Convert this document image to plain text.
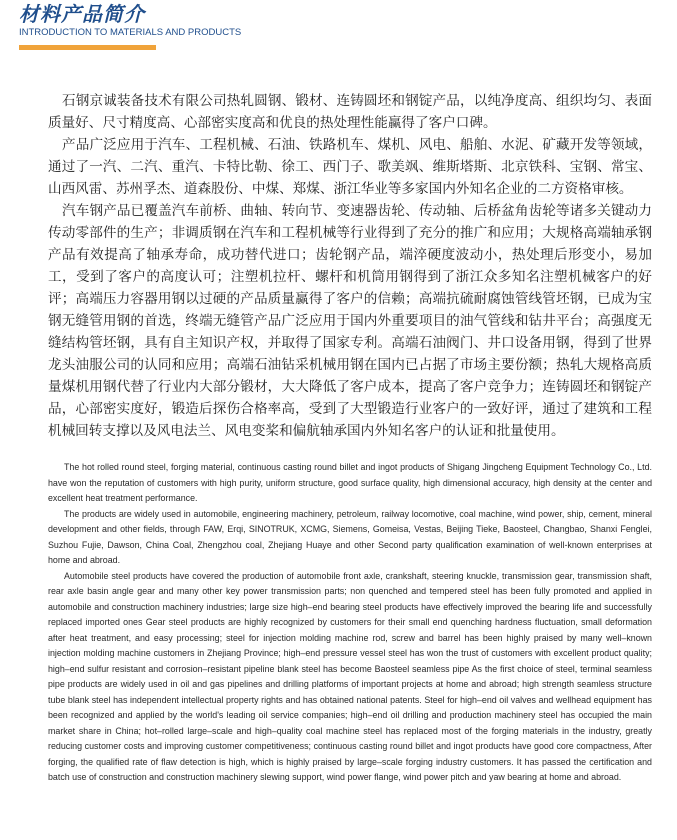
材料产品简介
INTRODUCTION TO MATERIALS AND PRODUCTS

石钢京诚装备技术有限公司热轧圆钢、锻材、连铸圆坯和钢锭产品，以纯净度高、组织均匀、表面质量好、尺寸精度高、心部密实度高和优良的热处理性能赢得了客户口碑。

产品广泛应用于汽车、工程机械、石油、铁路机车、煤机、风电、船舶、水泥、矿藏开发等领域，通过了一汽、二汽、重汽、卡特比勒、徐工、西门子、歌美飒、维斯塔斯、北京铁科、宝钢、常宝、山西风雷、苏州孚杰、道森股份、中煤、郑煤、浙江华业等多家国内外知名企业的二方资格审核。

汽车钢产品已覆盖汽车前桥、曲轴、转向节、变速器齿轮、传动轴、后桥盆角齿轮等诸多关键动力传动零部件的生产；非调质钢在汽车和工程机械等行业得到了充分的推广和应用；大规格高端轴承钢产品有效提高了轴承寿命，成功替代进口；齿轮钢产品，端淬硬度波动小，热处理后形变小，易加工，受到了客户的高度认可；注塑机拉杆、螺杆和机筒用钢得到了浙江众多知名注塑机械客户的好评；高端压力容器用钢以过硬的产品质量赢得了客户的信赖；高端抗硫耐腐蚀管线管坯钢，已成为宝钢无缝管用钢的首选，终端无缝管产品广泛应用于国内外重要项目的油气管线和钻井平台；高强度无缝结构管坯钢，具有自主知识产权，并取得了国家专利。高端石油阀门、井口设备用钢，得到了世界龙头油服公司的认同和应用；高端石油钻采机械用钢在国内已占据了市场主要份额；热轧大规格高质量煤机用钢代替了行业内大部分锻材，大大降低了客户成本，提高了客户竞争力；连铸圆坯和钢锭产品，心部密实度好，锻造后探伤合格率高，受到了大型锻造行业客户的一致好评，通过了建筑和工程机械回转支撑以及风电法兰、风电变桨和偏航轴承国内外知名客户的认证和批量使用。

The hot rolled round steel, forging material, continuous casting round billet and ingot products of Shigang Jingcheng Equipment Technology Co., Ltd. have won the reputation of customers with high purity, uniform structure, good surface quality, high dimensional accuracy, high density at the center and excellent heat treatment performance.

The products are widely used in automobile, engineering machinery, petroleum, railway locomotive, coal machine, wind power, ship, cement, mineral development and other fields, through FAW, Erqi, SINOTRUK, XCMG, Siemens, Gomeisa, Vestas, Beijing Tieke, Baosteel, Changbao, Shanxi Fenglei, Suzhou Fujie, Dawson, China Coal, Zhengzhou coal, Zhejiang Huaye and other Second party qualification examination of well-known enterprises at home and abroad.

Automobile steel products have covered the production of automobile front axle, crankshaft, steering knuckle, transmission gear, transmission shaft, rear axle basin angle gear and many other key power transmission parts; non quenched and tempered steel has been fully promoted and applied in automobile and construction machinery industries; large size high–end bearing steel products have effectively improved the bearing life and successfully replaced imported ones Gear steel products are highly recognized by customers for their small end quenching hardness fluctuation, small deformation after heat treatment, and easy processing; steel for injection molding machine rod, screw and barrel has been highly praised by many well–known injection molding machine customers in Zhejiang Province; high–end pressure vessel steel has won the trust of customers with excellent product quality; high–end sulfur resistant and corrosion–resistant pipeline blank steel has become Baosteel seamless pipe As the first choice of steel, terminal seamless pipe products are widely used in oil and gas pipelines and drilling platforms of important projects at home and abroad; high strength seamless structure tube blank steel has independent intellectual property rights and has obtained national patents. Steel for high–end oil valves and wellhead equipment has been recognized and applied by the world's leading oil service companies; high–end oil drilling and production machinery steel has occupied the main market share in China; hot–rolled large–scale and high–quality coal machine steel has replaced most of the forging materials in the industry, greatly reducing customer costs and improving customer competitiveness; continuous casting round billet and ingot products have good core compactness, After forging, the qualified rate of flaw detection is high, which is highly praised by large–scale forging industry customers. It has passed the certification and batch use of construction and construction machinery slewing support, wind power flange, wind power pitch and yaw bearing at home and abroad.
